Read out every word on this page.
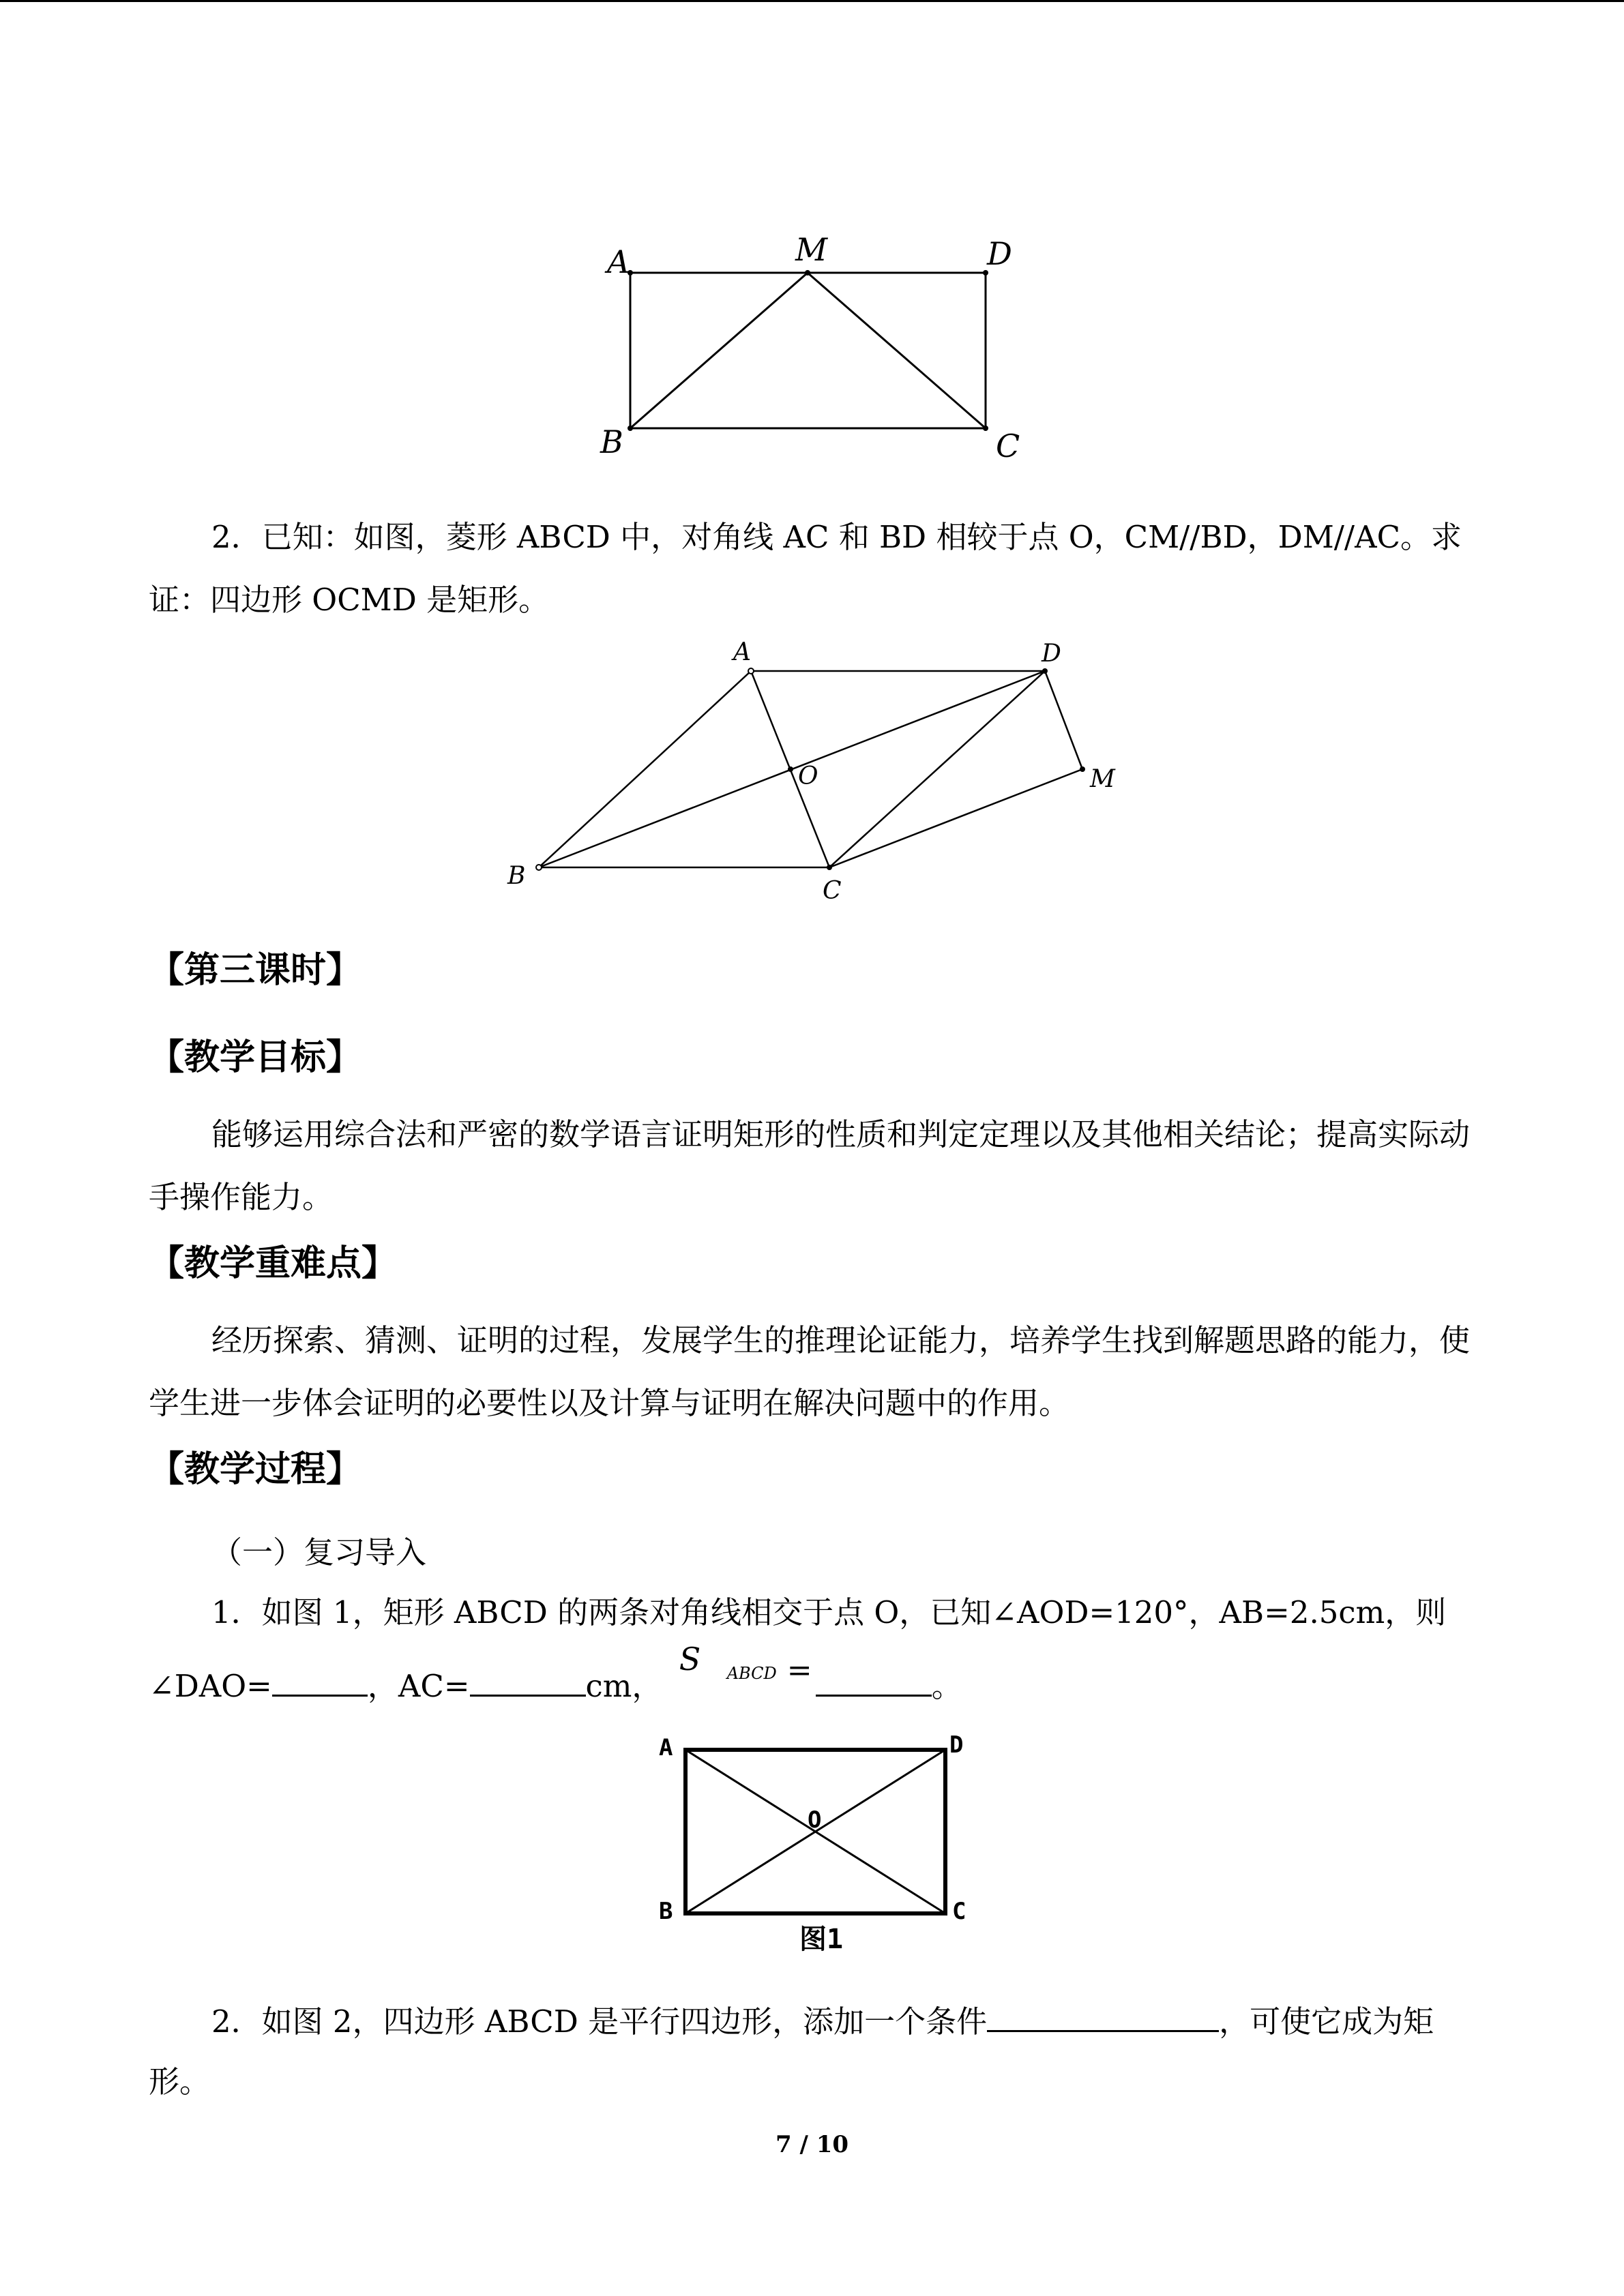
A	M	D
B	C
2．已知：如图，菱形 ABCD 中，对角线 AC 和 BD 相较于点 O，CM//BD，DM//AC。求
证：四边形 OCMD 是矩形。
A	D
O	M
B
C
【第三课时】
【教学目标】
能够运用综合法和严密的数学语言证明矩形的性质和判定定理以及其他相关结论；提高实际动手操作能力。
【教学重难点】
经历探索、猜测、证明的过程，发展学生的推理论证能力，培养学生找到解题思路的能力，使学生进一步体会证明的必要性以及计算与证明在解决问题中的作用。
【教学过程】
（一）复习导入
1．如图 1，矩形 ABCD 的两条对角线相交于点 O，已知∠AOD=120°，AB=2.5cm，则
∠DAO=	，AC=	cm，
S ABCD =	。
A	D
O
B	C
图1
2．如图 2，四边形 ABCD 是平行四边形，添加一个条件	，可使它成为矩
形。
7 / 10
